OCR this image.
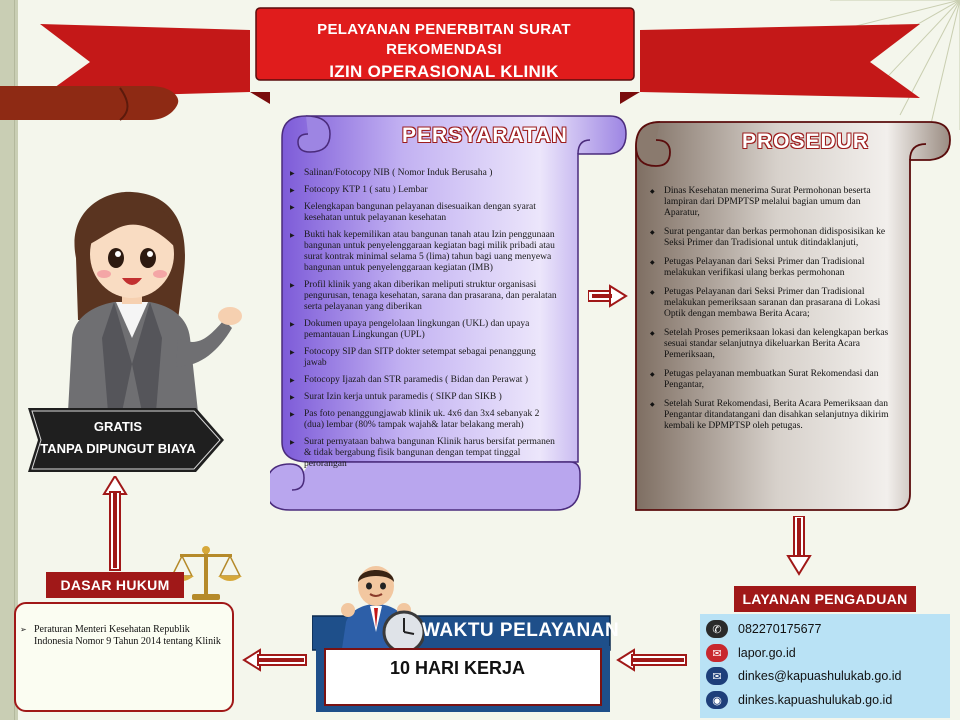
PELAYANAN PENERBITAN SURAT REKOMENDASI
IZIN OPERASIONAL KLINIK
PERSYARATAN
▶ Salinan/Fotocopy NIB ( Nomor Induk Berusaha )
▶ Fotocopy KTP 1 ( satu ) Lembar
▶ Kelengkapan bangunan pelayanan disesuaikan dengan syarat kesehatan untuk pelayanan kesehatan
▶ Bukti hak kepemilikan atau bangunan tanah atau Izin penggunaan bangunan untuk penyelenggaraan kegiatan bagi milik pribadi atau surat kontrak minimal selama 5 (lima) tahun bagi uang menyewa bangunan untuk penyelenggaraan kegiatan (IMB)
▶ Profil klinik yang akan diberikan meliputi struktur organisasi pengurusan, tenaga kesehatan, sarana dan prasarana, dan peralatan serta pelayanan yang diberikan
▶ Dokumen upaya pengelolaan lingkungan (UKL) dan upaya pemantauan Lingkungan (UPL)
▶ Fotocopy SIP dan SITP dokter setempat sebagai penanggung jawab
▶ Fotocopy Ijazah dan STR paramedis ( Bidan dan Perawat )
▶ Surat Izin kerja untuk paramedis ( SIKP dan SIKB )
▶ Pas foto penanggungjawab klinik uk. 4x6 dan 3x4 sebanyak 2 (dua) lembar (80% tampak wajah& latar belakang merah)
▶ Surat pernyataan bahwa bangunan Klinik harus bersifat permanen & tidak bergabung fisik bangunan dengan tempat tinggal perorangan
PROSEDUR
◆ Dinas Kesehatan menerima Surat Permohonan beserta lampiran dari DPMPTSP melalui bagian umum dan Aparatur,
◆ Surat pengantar dan berkas permohonan didisposisikan ke Seksi Primer dan Tradisional untuk ditindaklanjuti,
◆ Petugas Pelayanan dari Seksi Primer dan Tradisional melakukan verifikasi ulang berkas permohonan
◆ Petugas Pelayanan dari Seksi Primer dan Tradisional melakukan pemeriksaan saranan dan prasarana di Lokasi Optik dengan membawa Berita Acara;
◆ Setelah Proses pemeriksaan lokasi dan kelengkapan berkas sesuai standar selanjutnya dikeluarkan Berita Acara Pemeriksaan,
◆ Petugas pelayanan membuatkan Surat Rekomendasi dan Pengantar,
◆ Setelah Surat Rekomendasi, Berita Acara Pemeriksaan dan Pengantar ditandatangani dan disahkan selanjutnya dikirim kembali ke DPMPTSP oleh petugas.
GRATIS
TANPA DIPUNGUT BIAYA
DASAR HUKUM
➢ Peraturan Menteri Kesehatan Republik Indonesia Nomor 9 Tahun 2014 tentang Klinik
WAKTU PELAYANAN
10 HARI KERJA
LAYANAN PENGADUAN
✆	082270175677
✉	lapor.go.id
✉	dinkes@kapuashulukab.go.id
◉	dinkes.kapuashulukab.go.id
